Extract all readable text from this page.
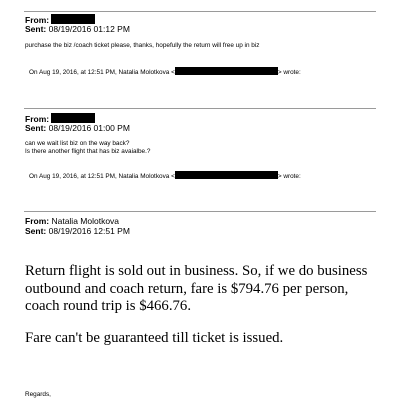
From:
Sent: 08/19/2016 01:12 PM
purchase the biz /coach ticket please, thanks, hopefully the return will free up in biz
On Aug 19, 2016, at 12:51 PM, Natalia Molotkova <	> wrote:
From:
Sent: 08/19/2016 01:00 PM
can we wait list biz on the way back?
Is there another flight that has biz avaialbe.?
On Aug 19, 2016, at 12:51 PM, Natalia Molotkova <	> wrote:
From: Natalia Molotkova
Sent: 08/19/2016 12:51 PM
Return flight is sold out in business. So, if we do business outbound and coach return, fare is $794.76 per person, coach round trip is $466.76.
Fare can't be guaranteed till ticket is issued.
Regards,
